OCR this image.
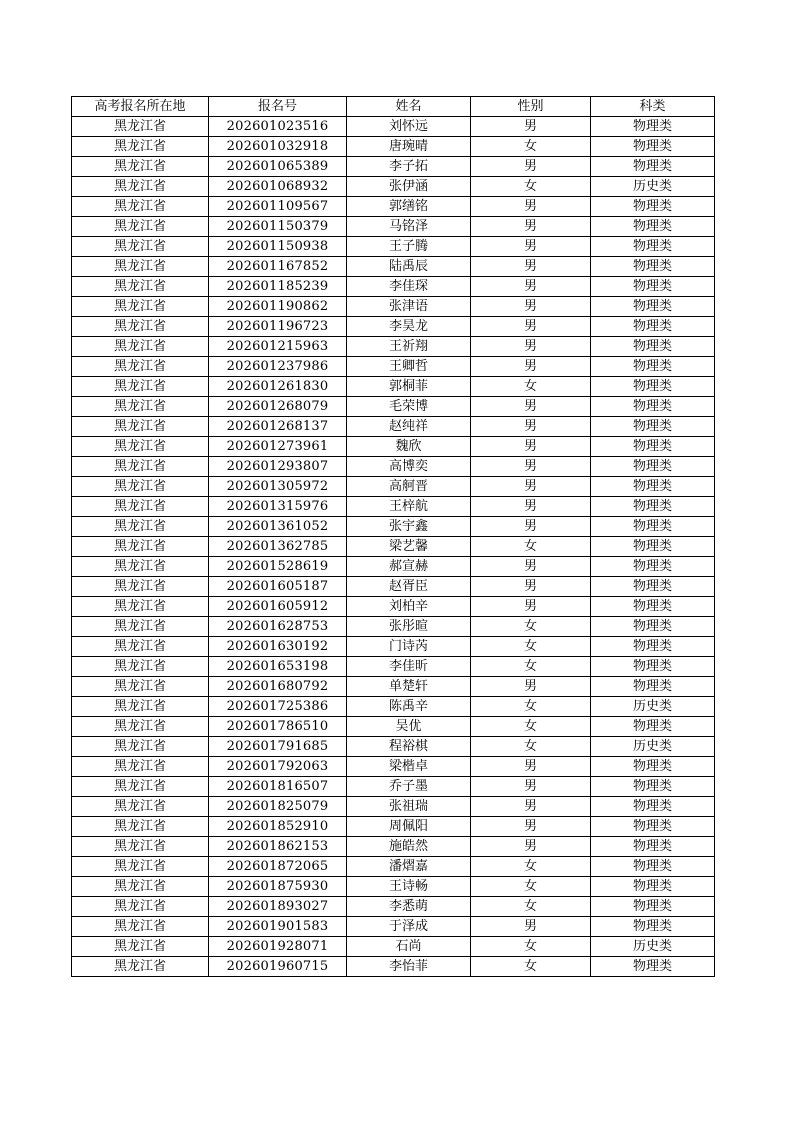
高考报名所在地	报名号	姓名	性别	科类
黑龙江省	202601023516	刘怀远	男	物理类
黑龙江省	202601032918	唐琬晴	女	物理类
黑龙江省	202601065389	李子拓	男	物理类
黑龙江省	202601068932	张伊涵	女	历史类
黑龙江省	202601109567	郭缮铭	男	物理类
黑龙江省	202601150379	马铭泽	男	物理类
黑龙江省	202601150938	王子腾	男	物理类
黑龙江省	202601167852	陆禹辰	男	物理类
黑龙江省	202601185239	李佳琛	男	物理类
黑龙江省	202601190862	张津语	男	物理类
黑龙江省	202601196723	李昊龙	男	物理类
黑龙江省	202601215963	王祈翔	男	物理类
黑龙江省	202601237986	王卿哲	男	物理类
黑龙江省	202601261830	郭桐菲	女	物理类
黑龙江省	202601268079	毛荣博	男	物理类
黑龙江省	202601268137	赵纯祥	男	物理类
黑龙江省	202601273961	魏欣	男	物理类
黑龙江省	202601293807	高博奕	男	物理类
黑龙江省	202601305972	高舸晋	男	物理类
黑龙江省	202601315976	王梓航	男	物理类
黑龙江省	202601361052	张宇鑫	男	物理类
黑龙江省	202601362785	梁艺馨	女	物理类
黑龙江省	202601528619	郝宣赫	男	物理类
黑龙江省	202601605187	赵胥臣	男	物理类
黑龙江省	202601605912	刘柏辛	男	物理类
黑龙江省	202601628753	张彤暄	女	物理类
黑龙江省	202601630192	门诗芮	女	物理类
黑龙江省	202601653198	李佳昕	女	物理类
黑龙江省	202601680792	单楚轩	男	物理类
黑龙江省	202601725386	陈禹辛	女	历史类
黑龙江省	202601786510	吴优	女	物理类
黑龙江省	202601791685	程裕棋	女	历史类
黑龙江省	202601792063	梁楷卓	男	物理类
黑龙江省	202601816507	乔子墨	男	物理类
黑龙江省	202601825079	张祖瑞	男	物理类
黑龙江省	202601852910	周佩阳	男	物理类
黑龙江省	202601862153	施皓然	男	物理类
黑龙江省	202601872065	潘熠嘉	女	物理类
黑龙江省	202601875930	王诗畅	女	物理类
黑龙江省	202601893027	李悉萌	女	物理类
黑龙江省	202601901583	于泽成	男	物理类
黑龙江省	202601928071	石尚	女	历史类
黑龙江省	202601960715	李怡菲	女	物理类
